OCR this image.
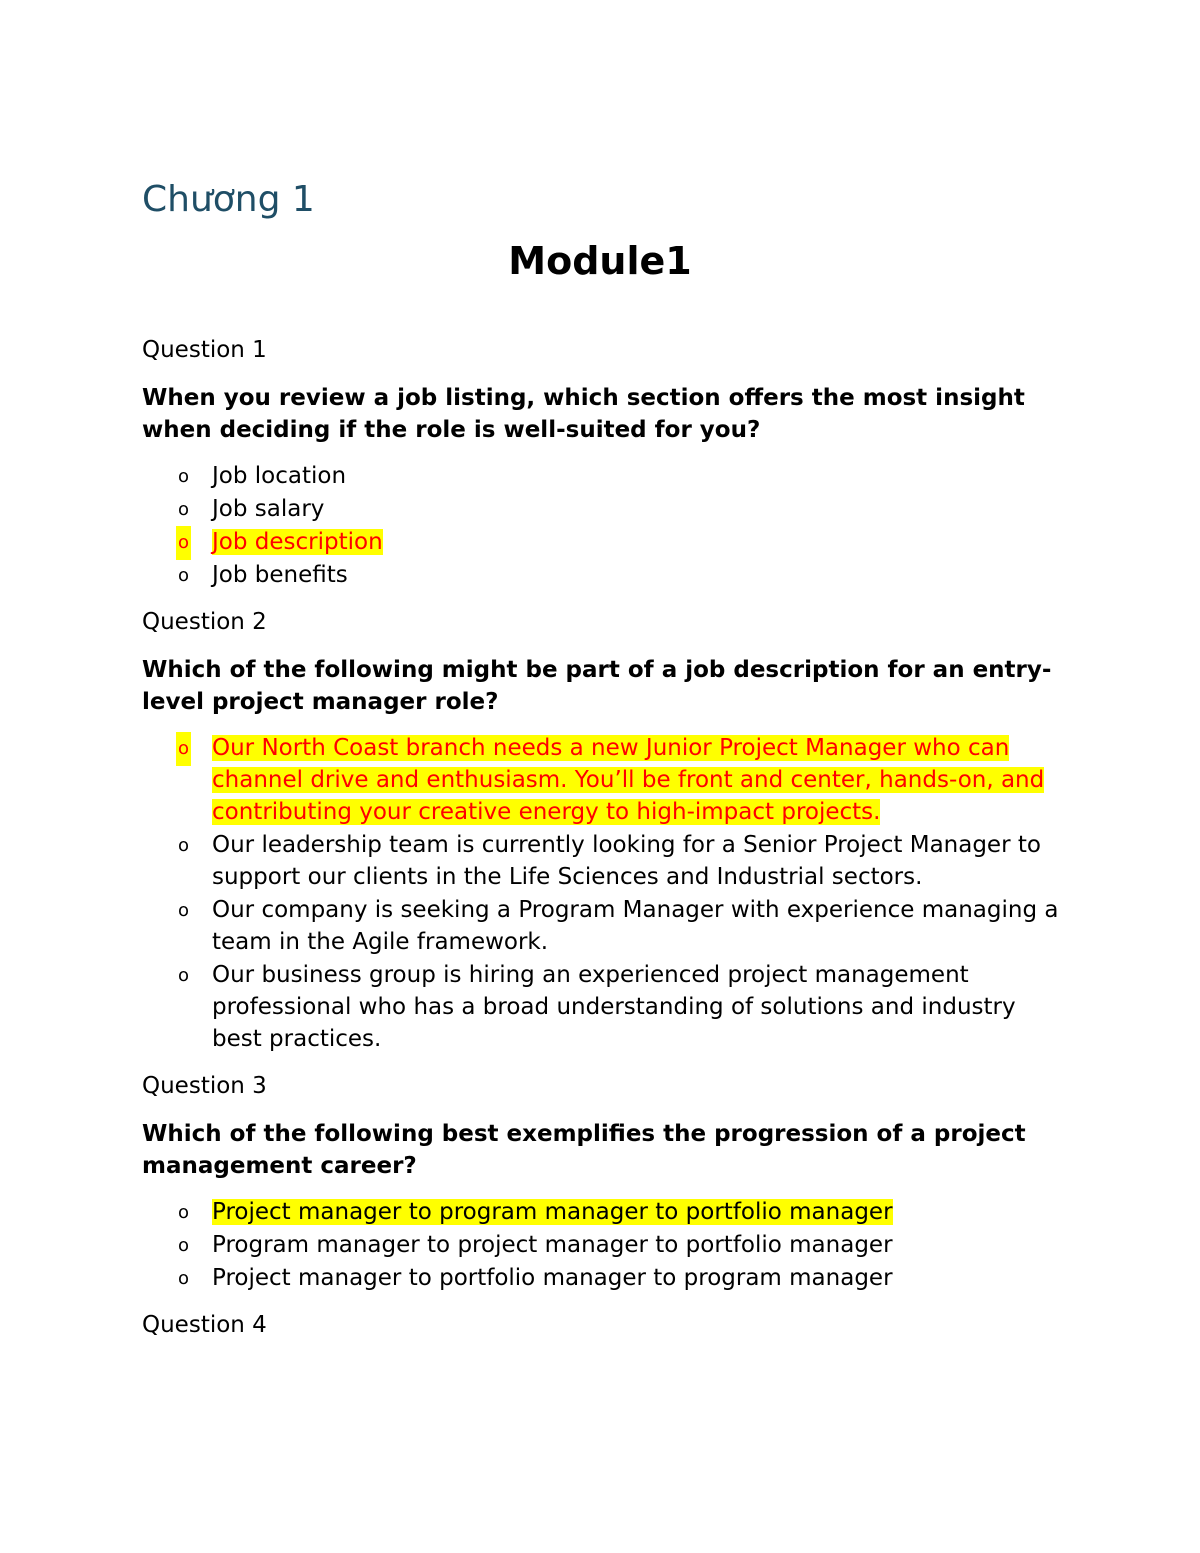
Chương 1
Module1

Question 1

When you review a job listing, which section offers the most insight when deciding if the role is well-suited for you?

o Job location
o Job salary
o Job description
o Job benefits

Question 2

Which of the following might be part of a job description for an entry-level project manager role?

o Our North Coast branch needs a new Junior Project Manager who can channel drive and enthusiasm. You’ll be front and center, hands-on, and contributing your creative energy to high-impact projects.
o Our leadership team is currently looking for a Senior Project Manager to support our clients in the Life Sciences and Industrial sectors.
o Our company is seeking a Program Manager with experience managing a team in the Agile framework.
o Our business group is hiring an experienced project management professional who has a broad understanding of solutions and industry best practices.

Question 3

Which of the following best exemplifies the progression of a project management career?

o Project manager to program manager to portfolio manager
o Program manager to project manager to portfolio manager
o Project manager to portfolio manager to program manager

Question 4
